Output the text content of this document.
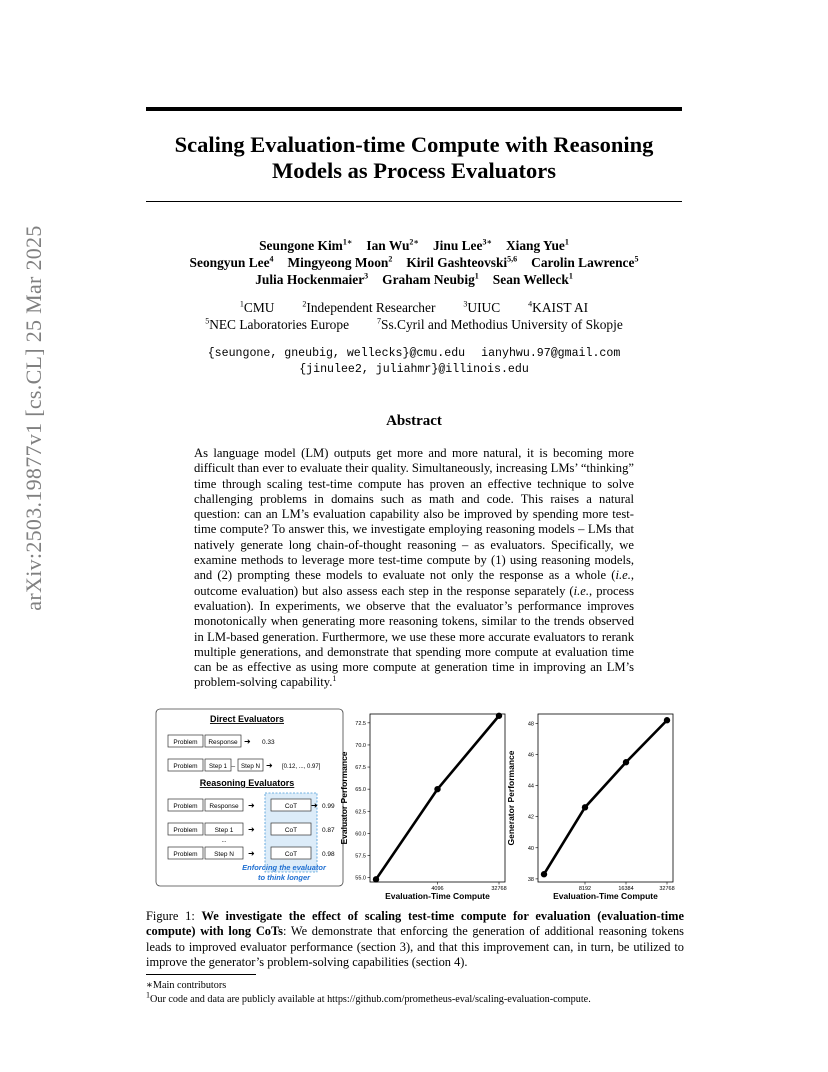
arXiv:2503.19877v1 [cs.CL] 25 Mar 2025
Scaling Evaluation-time Compute with Reasoning
Models as Process Evaluators
Seungone Kim$^{1∗}$ Ian $Wu^{2∗}$ Jinu Lee$^{3∗}$ Xiang Yue$^1$
Seongyun Lee$^4$ Mingyeong Moon$^2$ Kiril Gashteovski$^{5,6}$ Carolin Lawrence$^5$
Julia Hockenmaier$^3$ Graham Neubig$^1$ Sean Welleck$^1$
$^1$CMU	$^2$Independent Researcher	$^3$UIUC	$^4$KAIST AI
$^5$NEC Laboratories Europe	$^7$Ss.Cyril and Methodius University of Skopje
{seungone, gneubig, wellecks}@cmu.edu ianyhwu.97@gmail.com
{jinulee2, juliahmr}@illinois.edu
Abstract
As language model (LM) outputs get more and more natural, it is becoming more difficult than ever to evaluate their quality. Simultaneously, increasing LMs’ “thinking” time through scaling test-time compute has proven an effective technique to solve challenging problems in domains such as math and code. This raises a natural question: can an LM’s evaluation capability also be improved by spending more test-time compute? To answer this, we investigate employing reasoning models – LMs that natively generate long chain-of-thought reasoning – as evaluators. Specifically, we examine methods to leverage more test-time compute by (1) using reasoning models, and (2) prompting these models to evaluate not only the response as a whole (i.e., outcome evaluation) but also assess each step in the response separately (i.e., process evaluation). In experiments, we observe that the evaluator’s performance improves monotonically when generating more reasoning tokens, similar to the trends observed in LM-based generation. Furthermore, we use these more accurate evaluators to rerank multiple generations, and demonstrate that spending more compute at evaluation time can be as effective as using more compute at generation time in improving an LM’s problem-solving capability.$^1$
Direct Evaluators
Problem Response ➜ 0.33
Problem Step 1 – Step N ➜ [0.12, ..., 0.97]
Reasoning Evaluators
Problem Response ➜	CoT ➜ 0.99
Problem	Step 1 ➜	CoT	0.87
...
Problem	Step N ➜	CoT	0.98
Enforcing the evaluator
to think longer	55.0
57.5
60.0
62.5
65.0
67.5
70.0
72.5
4096	32768
Evaluation-Time Compute
Evaluator Performance
38
40
42
44
46
48
8192	16384	32768
Evaluation-Time Compute
Generator Performance
Figure 1: We investigate the effect of scaling test-time compute for evaluation (evaluation-time compute) with long CoTs: We demonstrate that enforcing the generation of additional reasoning tokens leads to improved evaluator performance (section 3), and that this improvement can, in turn, be utilized to improve the generator’s problem-solving capabilities (section 4).
∗Main contributors
$^1$Our code and data are publicly available at https://github.com/prometheus-eval/scaling-evaluation-compute.
